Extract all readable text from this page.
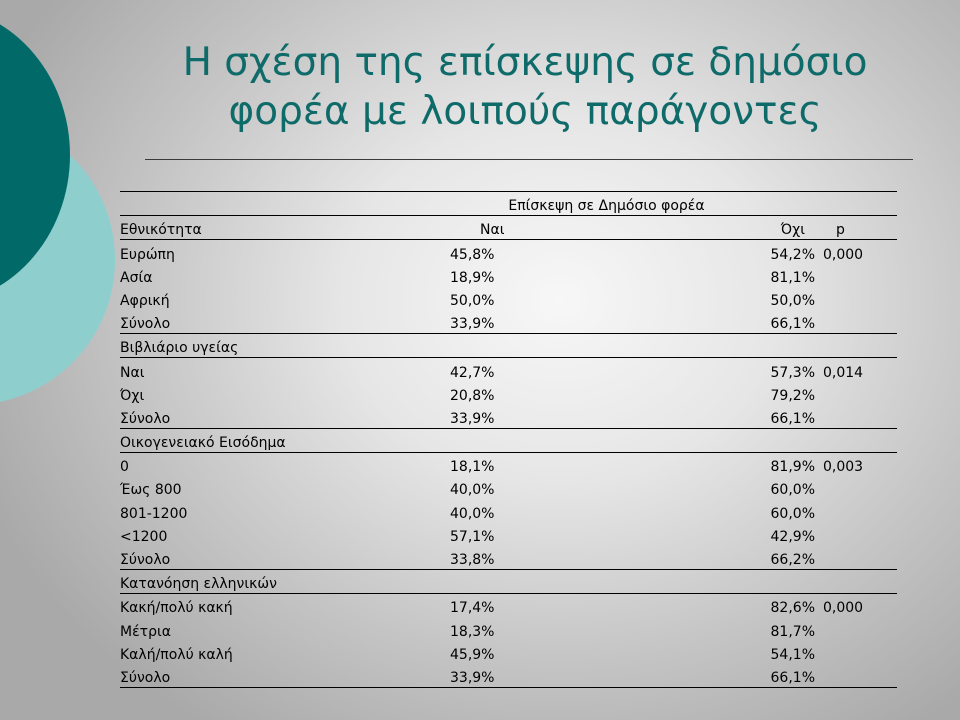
Η σχέση της επίσκεψης σε δημόσιο
φορέα με λοιπούς παράγοντες
	Επίσκεψη σε Δημόσιο φορέα		
Εθνικότητα	Ναι	Όχι	p
Ευρώπη	45,8%	54,2%	0,000
Ασία	18,9%	81,1%	
Αφρική	50,0%	50,0%	
Σύνολο	33,9%	66,1%	
Βιβλιάριο υγείας			
Ναι	42,7%	57,3%	0,014
Όχι	20,8%	79,2%	
Σύνολο	33,9%	66,1%	
Οικογενειακό Εισόδημα			
0	18,1%	81,9%	0,003
Έως 800	40,0%	60,0%	
801-1200	40,0%	60,0%	
<1200	57,1%	42,9%	
Σύνολο	33,8%	66,2%	
Κατανόηση ελληνικών			
Κακή/πολύ κακή	17,4%	82,6%	0,000
Μέτρια	18,3%	81,7%	
Καλή/πολύ καλή	45,9%	54,1%	
Σύνολο	33,9%	66,1%	
